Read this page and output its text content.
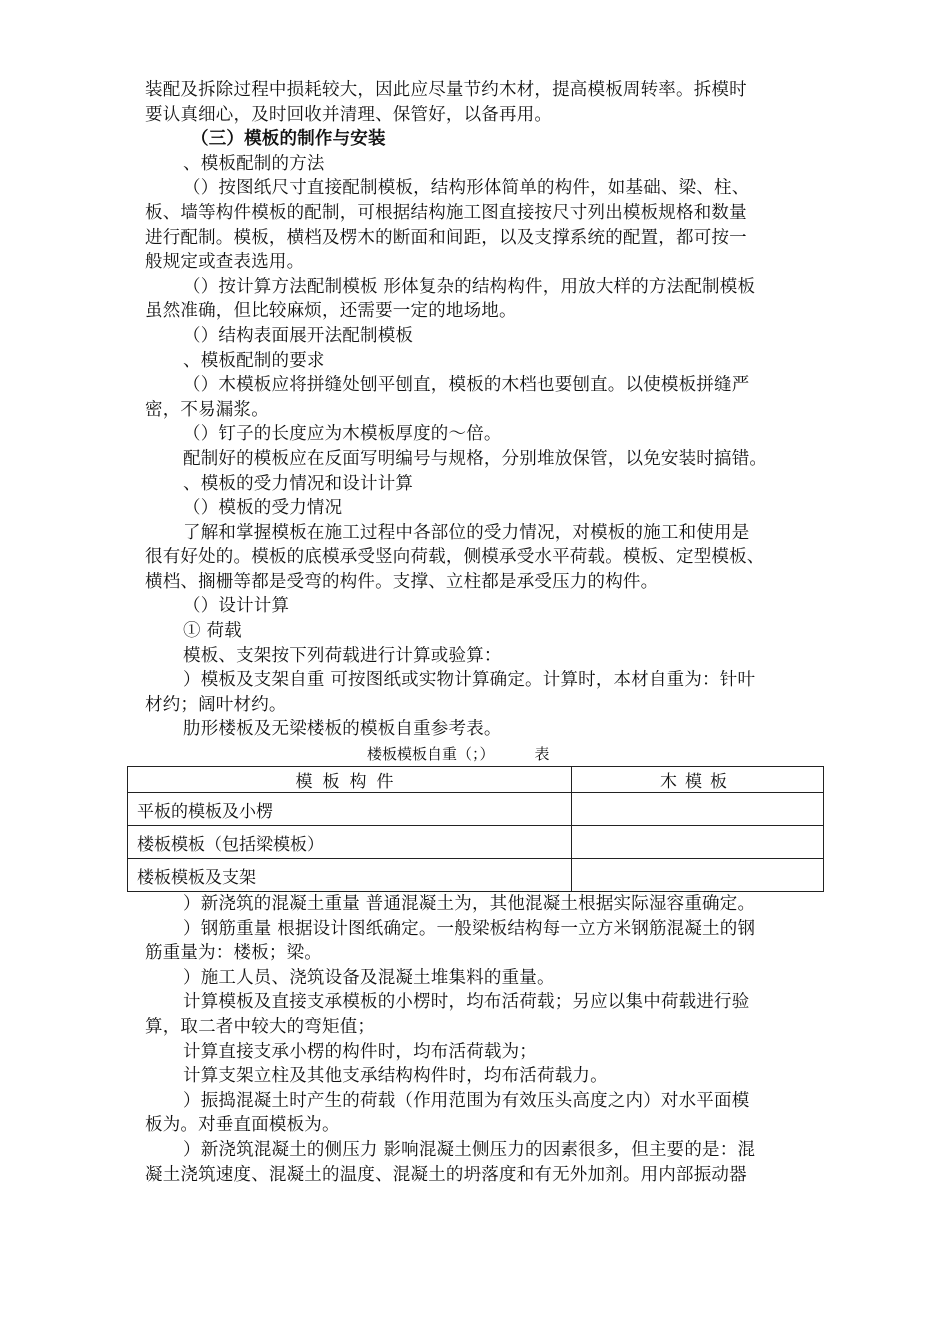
装配及拆除过程中损耗较大，因此应尽量节约木材，提高模板周转率。拆模时
要认真细心，及时回收并清理、保管好，以备再用。
（三）模板的制作与安装
、模板配制的方法
（）按图纸尺寸直接配制模板，结构形体简单的构件，如基础、梁、柱、
板、墙等构件模板的配制，可根据结构施工图直接按尺寸列出模板规格和数量
进行配制。模板，横档及楞木的断面和间距，以及支撑系统的配置，都可按一
般规定或查表选用。
（）按计算方法配制模板 形体复杂的结构构件，用放大样的方法配制模板
虽然准确，但比较麻烦，还需要一定的地场地。
（）结构表面展开法配制模板
、模板配制的要求
（）木模板应将拼缝处刨平刨直，模板的木档也要刨直。以使模板拼缝严
密，不易漏浆。
（）钉子的长度应为木模板厚度的～倍。
配制好的模板应在反面写明编号与规格，分别堆放保管，以免安装时搞错。
、模板的受力情况和设计计算
（）模板的受力情况
了解和掌握模板在施工过程中各部位的受力情况，对模板的施工和使用是
很有好处的。模板的底模承受竖向荷载，侧模承受水平荷载。模板、定型模板、
横档、搁栅等都是受弯的构件。支撑、立柱都是承受压力的构件。
（）设计计算
① 荷载
模板、支架按下列荷载进行计算或验算：
）模板及支架自重 可按图纸或实物计算确定。计算时，本材自重为：针叶
材约；阔叶材约。
肋形楼板及无梁楼板的模板自重参考表。
楼板模板自重（；）	表
模板构件	木模板
平板的模板及小楞	
楼板模板（包括梁模板）	
楼板模板及支架	
）新浇筑的混凝土重量 普通混凝土为，其他混凝土根据实际湿容重确定。
）钢筋重量 根据设计图纸确定。一般梁板结构每一立方米钢筋混凝土的钢
筋重量为：楼板；梁。
）施工人员、浇筑设备及混凝土堆集料的重量。
计算模板及直接支承模板的小楞时，均布活荷载；另应以集中荷载进行验
算，取二者中较大的弯矩值；
计算直接支承小楞的构件时，均布活荷载为；
计算支架立柱及其他支承结构构件时，均布活荷载力。
）振捣混凝土时产生的荷载（作用范围为有效压头高度之内）对水平面模
板为。对垂直面模板为。
）新浇筑混凝土的侧压力 影响混凝土侧压力的因素很多，但主要的是：混
凝土浇筑速度、混凝土的温度、混凝土的坍落度和有无外加剂。用内部振动器
